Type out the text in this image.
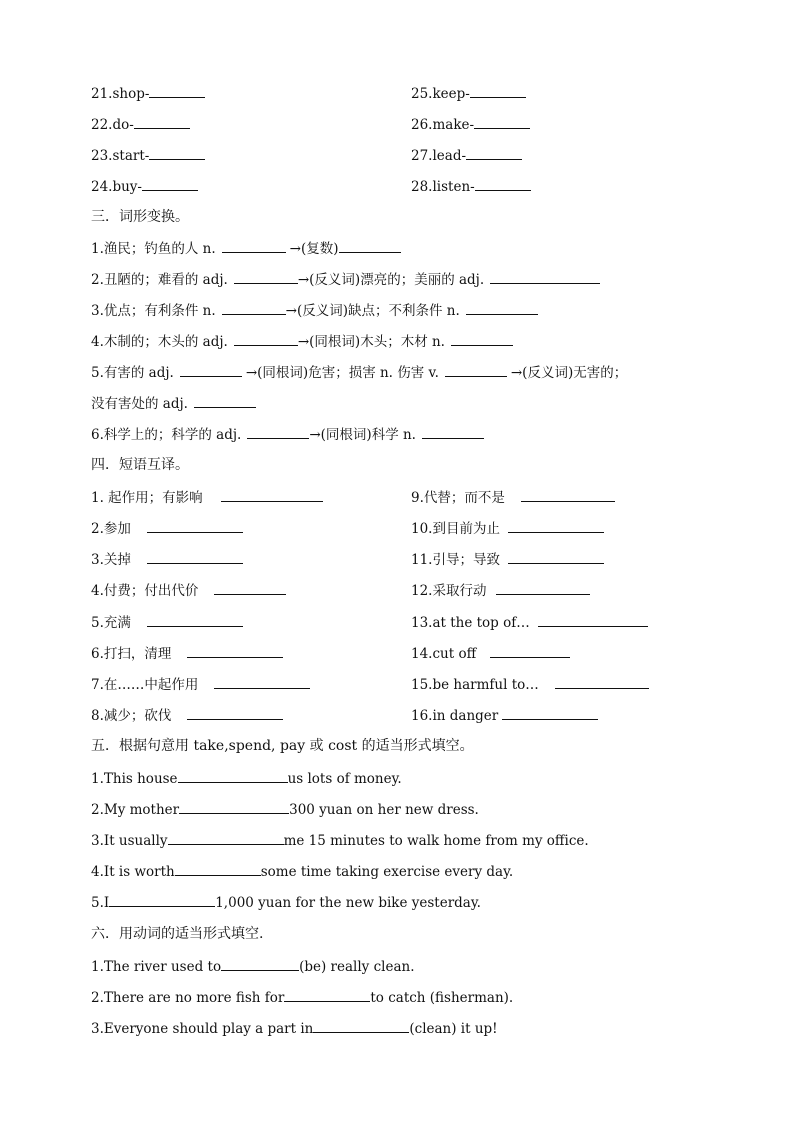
21.shop-	25.keep-
22.do-	26.make-
23.start-	27.lead-
24.buy-	28.listen-
三．词形变换。
1.渔民；钓鱼的人 n.	→(复数)
2.丑陋的；难看的 adj.	→(反义词)漂亮的；美丽的 adj.
3.优点；有利条件 n.	→(反义词)缺点；不利条件 n.
4.木制的；木头的 adj.	→(同根词)木头；木材 n.
5.有害的 adj.	→(同根词)危害；损害 n. 伤害 v.	→(反义词)无害的；
没有害处的 adj.
6.科学上的；科学的 adj.	→(同根词)科学 n.
四．短语互译。
1. 起作用；有影响	9.代替；而不是
2.参加	10.到目前为止
3.关掉	11.引导；导致
4.付费；付出代价	12.采取行动
5.充满	13.at the top of…
6.打扫，清理	14.cut off
7.在……中起作用	15.be harmful to…
8.减少；砍伐	16.in danger
五．根据句意用 take,spend, pay 或 cost 的适当形式填空。
1.This house	us lots of money.
2.My mother	300 yuan on her new dress.
3.It usually	me 15 minutes to walk home from my office.
4.It is worth	some time taking exercise every day.
5.I	1,000 yuan for the new bike yesterday.
六．用动词的适当形式填空.
1.The river used to	(be) really clean.
2.There are no more fish for	to catch (fisherman).
3.Everyone should play a part in	(clean) it up!
